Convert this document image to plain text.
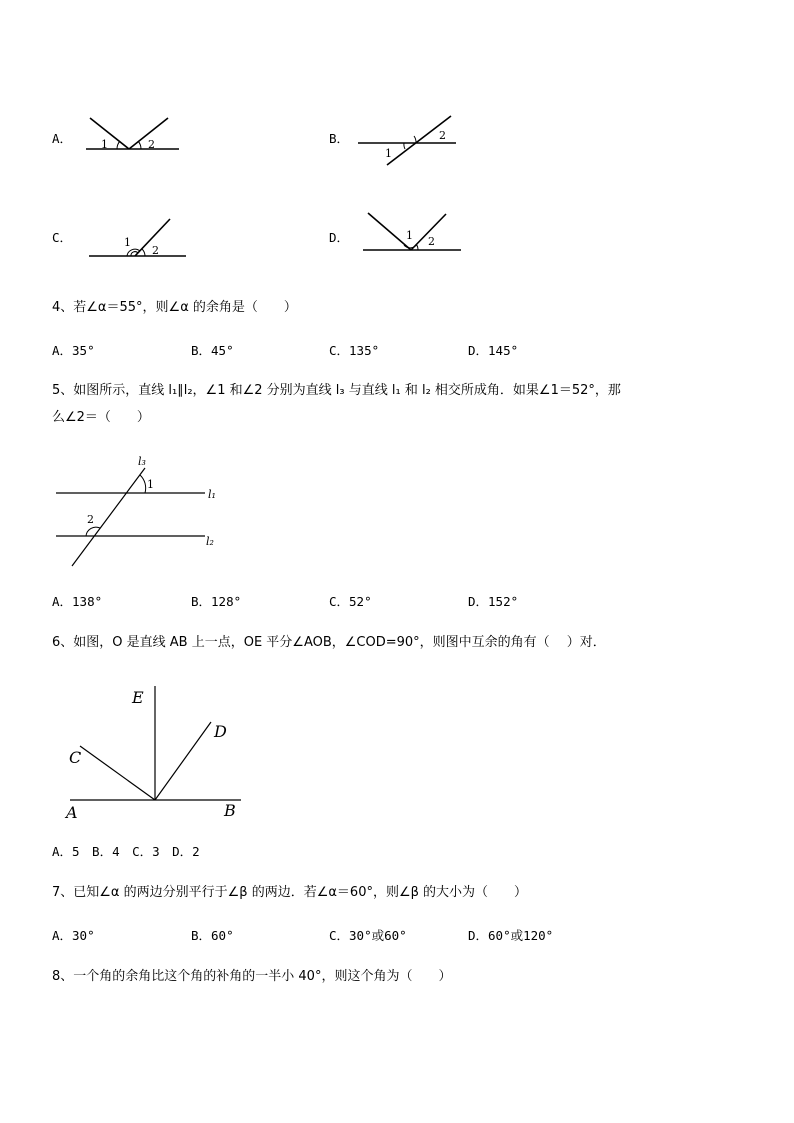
A．	1	2	B．
1
2
C．	1
2
D．	1 2
4、若∠α＝55°，则∠α 的余角是（　　）
A．35°	B．45°	C．135°	D．145°
5、如图所示，直线 l₁∥l₂，∠1 和∠2 分别为直线 l₃ 与直线 l₁ 和 l₂ 相交所成角．如果∠1＝52°，那
么∠2＝（　　）
l₃
1
l₁
2
l₂
A．138°	B．128°	C．52°	D．152°
6、如图，O 是直线 AB 上一点，OE 平分∠AOB，∠COD=90°，则图中互余的角有（　 ）对．
E
D
C
A	B
A．5　B．4　C．3　D．2
7、已知∠α 的两边分别平行于∠β 的两边．若∠α＝60°，则∠β 的大小为（　　）
A．30°	B．60°	C．30°或60°	D．60°或120°
8、一个角的余角比这个角的补角的一半小 40°，则这个角为（　　）
